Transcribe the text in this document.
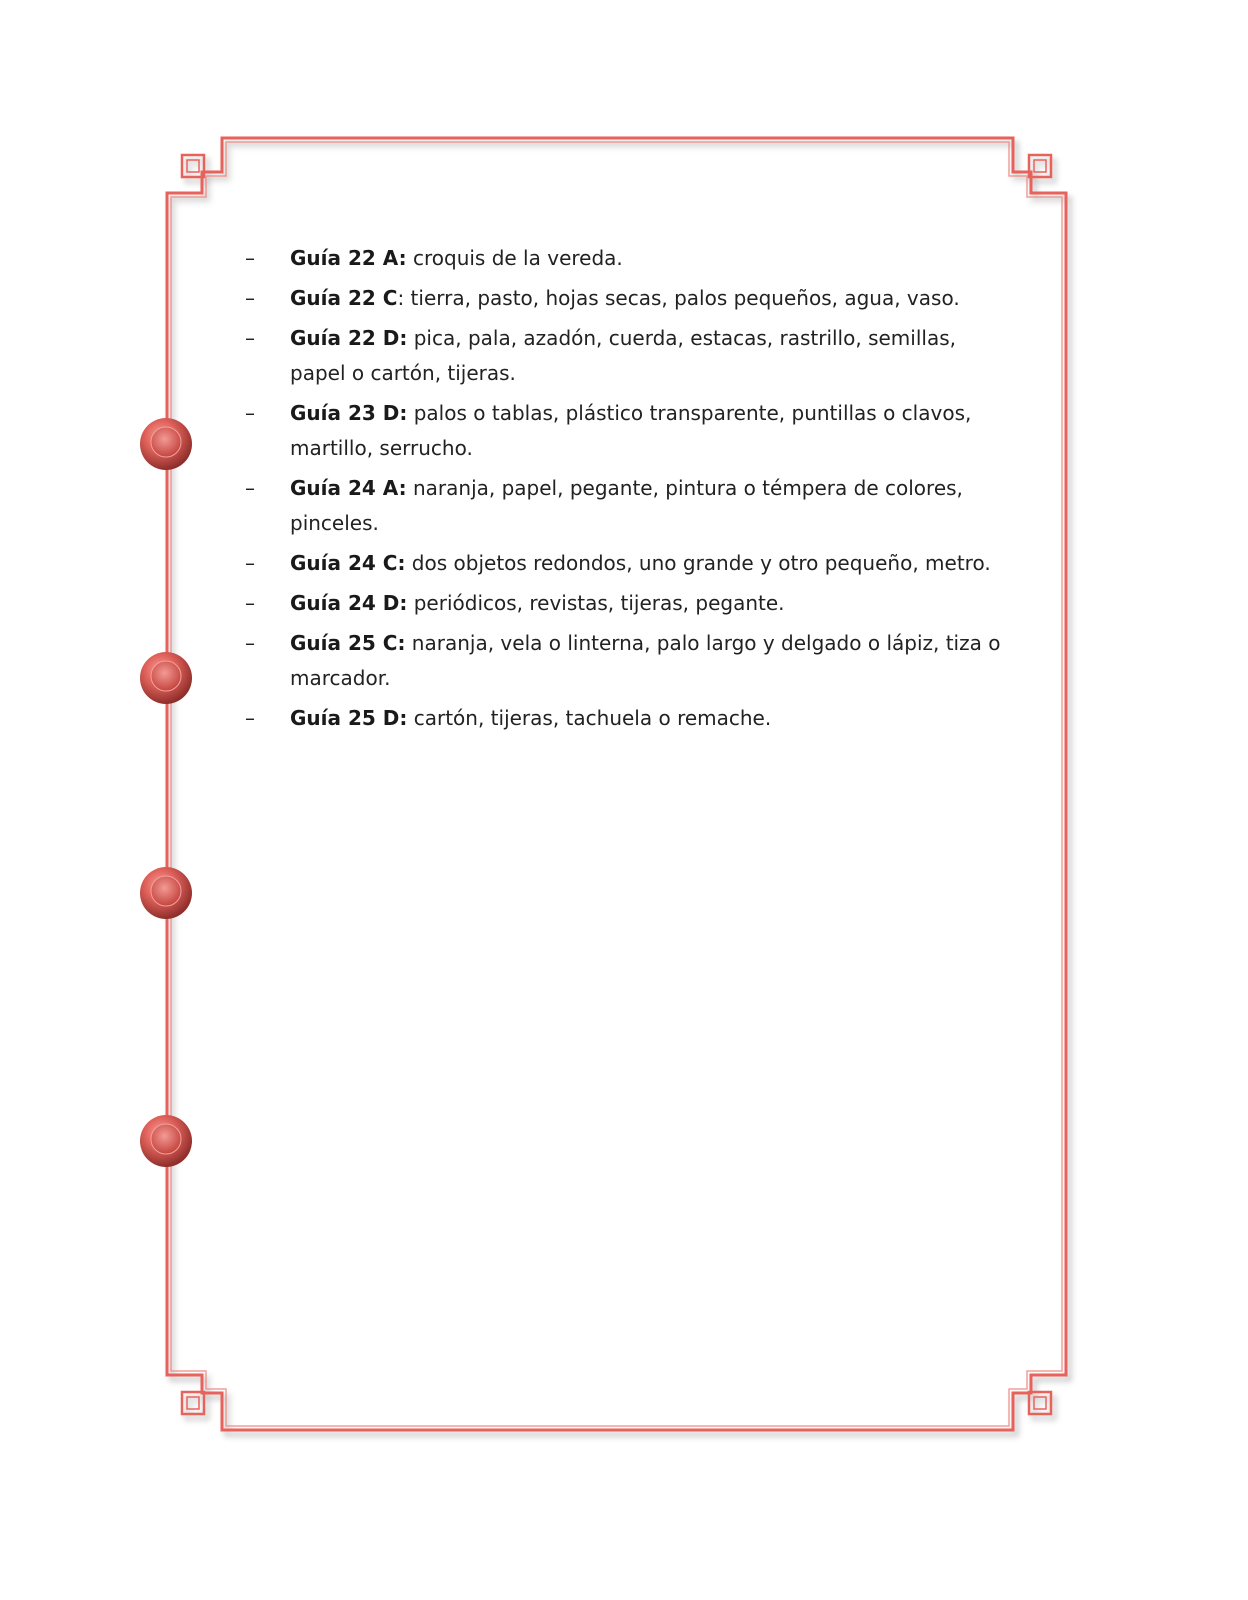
– Guía 22 A: croquis de la vereda.
– Guía 22 C: tierra, pasto, hojas secas, palos pequeños, agua, vaso.
– Guía 22 D: pica, pala, azadón, cuerda, estacas, rastrillo, semillas, papel o cartón, tijeras.
– Guía 23 D: palos o tablas, plástico transparente, puntillas o clavos, martillo, serrucho.
– Guía 24 A: naranja, papel, pegante, pintura o témpera de colores, pinceles.
– Guía 24 C: dos objetos redondos, uno grande y otro pequeño, metro.
– Guía 24 D: periódicos, revistas, tijeras, pegante.
– Guía 25 C: naranja, vela o linterna, palo largo y delgado o lápiz, tiza o marcador.
– Guía 25 D: cartón, tijeras, tachuela o remache.
